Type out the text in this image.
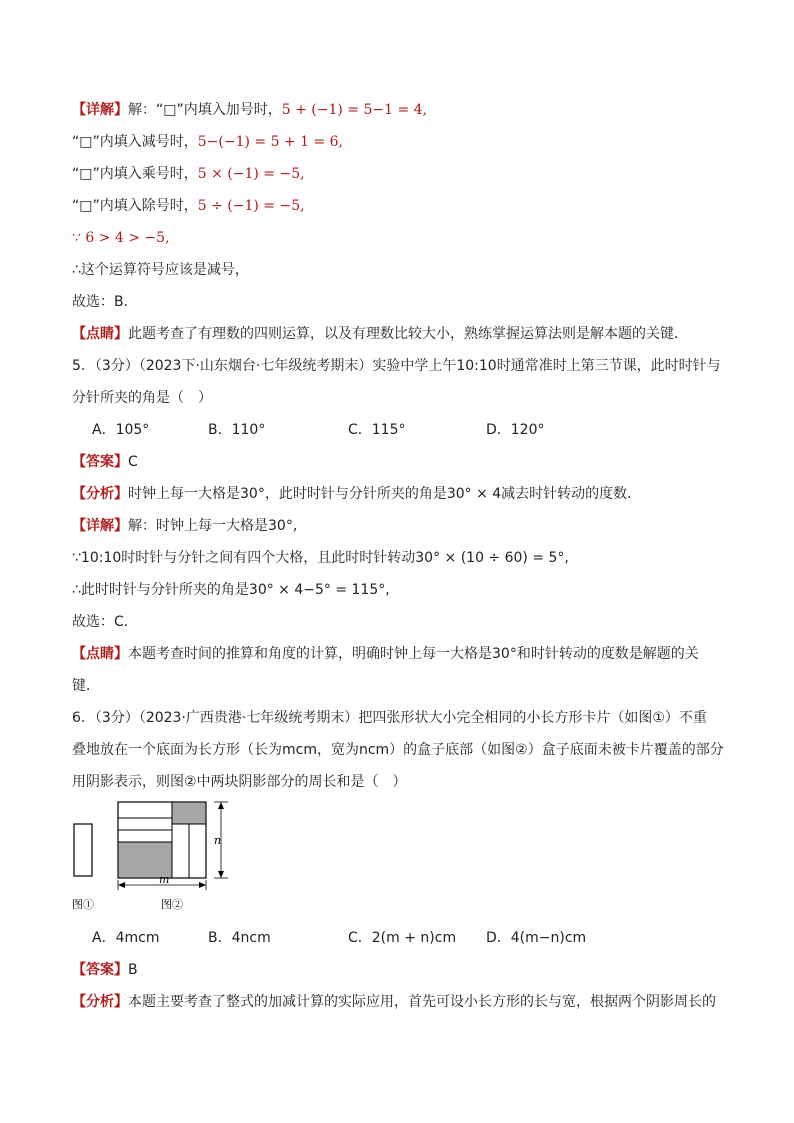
【详解】解：“□”内填入加号时，5 + (−1) = 5−1 = 4,
“□”内填入减号时，5−(−1) = 5 + 1 = 6,
“□”内填入乘号时，5 × (−1) = −5,
“□”内填入除号时，5 ÷ (−1) = −5,
∵ 6 > 4 > −5,
∴这个运算符号应该是减号，
故选：B.
【点睛】此题考查了有理数的四则运算，以及有理数比较大小，熟练掌握运算法则是解本题的关键．
5．（3分）（2023下·山东烟台·七年级统考期末）实验中学上午10:10时通常准时上第三节课，此时时针与
分针所夹的角是（　）
A．105°	B．110°	C．115°	D．120°
【答案】C
【分析】时钟上每一大格是30°，此时时针与分针所夹的角是30° × 4减去时针转动的度数．
【详解】解：时钟上每一大格是30°,
∵10:10时时针与分针之间有四个大格，且此时时针转动30° × (10 ÷ 60) = 5°,
∴此时时针与分针所夹的角是30° × 4−5° = 115°,
故选：C．
【点睛】本题考查时间的推算和角度的计算，明确时钟上每一大格是30°和时针转动的度数是解题的关
键．
6．（3分）（2023·广西贵港·七年级统考期末）把四张形状大小完全相同的小长方形卡片（如图①）不重
叠地放在一个底面为长方形（长为mcm，宽为ncm）的盒子底部（如图②）盒子底面未被卡片覆盖的部分
用阴影表示，则图②中两块阴影部分的周长和是（　）
n
m
图①	图②
A．4mcm	B．4ncm	C．2(m + n)cm D．4(m−n)cm
【答案】B
【分析】本题主要考查了整式的加减计算的实际应用，首先可设小长方形的长与宽，根据两个阴影周长的
